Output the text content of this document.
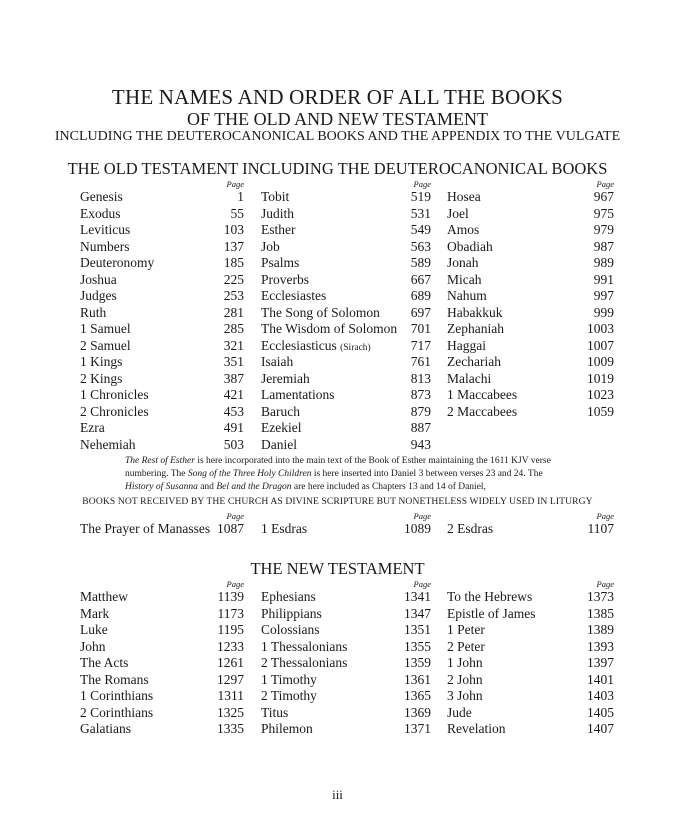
THE NAMES AND ORDER OF ALL THE BOOKS
OF THE OLD AND NEW TESTAMENT
INCLUDING THE DEUTEROCANONICAL BOOKS AND THE APPENDIX TO THE VULGATE
THE OLD TESTAMENT INCLUDING THE DEUTEROCANONICAL BOOKS
Page
Genesis	1
Exodus	55
Leviticus	103
Numbers	137
Deuteronomy	185
Joshua	225
Judges	253
Ruth	281
1 Samuel	285
2 Samuel	321
1 Kings	351
2 Kings	387
1 Chronicles	421
2 Chronicles	453
Ezra	491
Nehemiah	503
Page
Tobit	519
Judith	531
Esther	549
Job	563
Psalms	589
Proverbs	667
Ecclesiastes	689
The Song of Solomon 697
The Wisdom of Solomon 701
Ecclesiasticus (Sirach)	717
Isaiah	761
Jeremiah	813
Lamentations	873
Baruch	879
Ezekiel	887
Daniel	943
Page
Hosea	967
Joel	975
Amos	979
Obadiah	987
Jonah	989
Micah	991
Nahum	997
Habakkuk	999
Zephaniah	1003
Haggai	1007
Zechariah	1009
Malachi	1019
1 Maccabees	1023
2 Maccabees	1059
The Rest of Esther is here incorporated into the main text of the Book of Esther maintaining the 1611 KJV verse numbering. The Song of the Three Holy Children is here inserted into Daniel 3 between verses 23 and 24. The History of Susanna and Bel and the Dragon are here included as Chapters 13 and 14 of Daniel,
BOOKS NOT RECEIVED BY THE CHURCH AS DIVINE SCRIPTURE BUT NONETHELESS WIDELY USED IN LITURGY
Page
The Prayer of Manasses 1087
Page
1 Esdras	1089
Page
2 Esdras	1107
THE NEW TESTAMENT
Page
Matthew	1139
Mark	1173
Luke	1195
John	1233
The Acts	1261
The Romans	1297
1 Corinthians	1311
2 Corinthians	1325
Galatians	1335
Page
Ephesians	1341
Philippians	1347
Colossians	1351
1 Thessalonians	1355
2 Thessalonians	1359
1 Timothy	1361
2 Timothy	1365
Titus	1369
Philemon	1371
Page
To the Hebrews	1373
Epistle of James	1385
1 Peter	1389
2 Peter	1393
1 John	1397
2 John	1401
3 John	1403
Jude	1405
Revelation	1407
iii
